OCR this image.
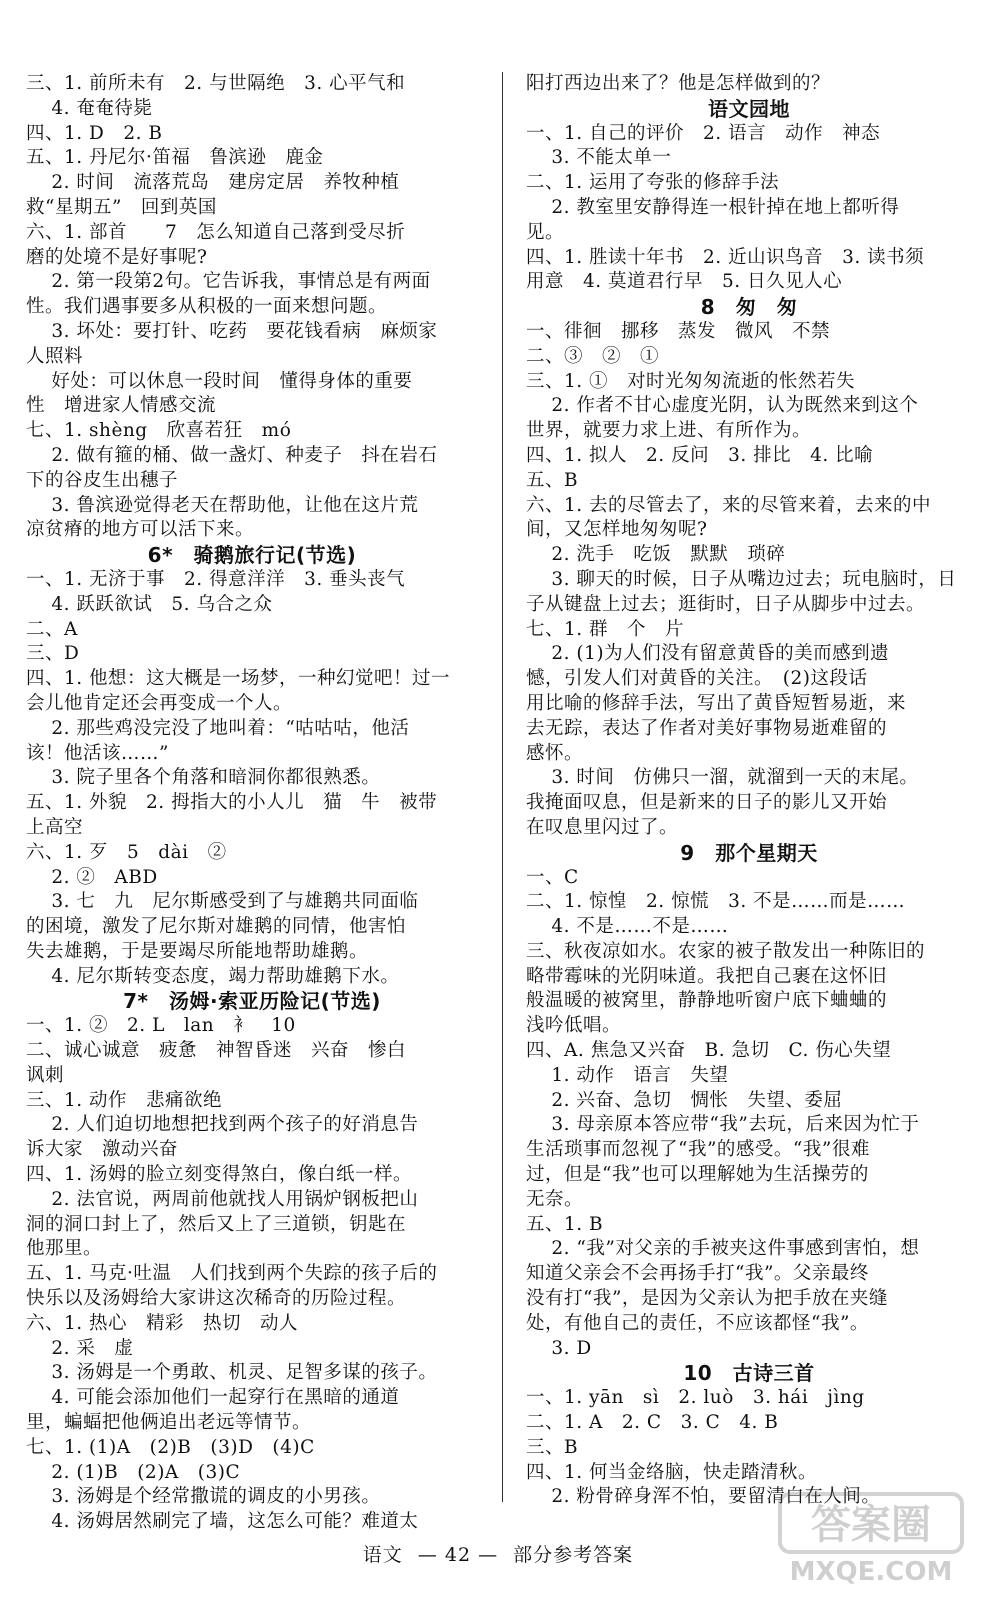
三、1. 前所未有　2. 与世隔绝　3. 心平气和
　 4. 奄奄待毙
四、1. D　2. B
五、1. 丹尼尔·笛福　鲁滨逊　鹿金
　 2. 时间　流落荒岛　建房定居　养牧种植
救“星期五”　回到英国
六、1. 部首　　7　怎么知道自己落到受尽折
磨的处境不是好事呢?
　 2. 第一段第2句。它告诉我，事情总是有两面
性。我们遇事要多从积极的一面来想问题。
　 3. 坏处：要打针、吃药　要花钱看病　麻烦家
人照料
　 好处：可以休息一段时间　懂得身体的重要
性　增进家人情感交流
七、1. shèng　欣喜若狂　mó
　 2. 做有箍的桶、做一盏灯、种麦子　抖在岩石
下的谷皮生出穗子
　 3. 鲁滨逊觉得老天在帮助他，让他在这片荒
凉贫瘠的地方可以活下来。
6*　骑鹅旅行记(节选)
一、1. 无济于事　2. 得意洋洋　3. 垂头丧气
　 4. 跃跃欲试　5. 乌合之众
二、A
三、D
四、1. 他想：这大概是一场梦，一种幻觉吧！过一
会儿他肯定还会再变成一个人。
　 2. 那些鸡没完没了地叫着：“咕咕咕，他活
该！他活该……”
　 3. 院子里各个角落和暗洞你都很熟悉。
五、1. 外貌　2. 拇指大的小人儿　猫　牛　被带
上高空
六、1. 歹　5　dài　②
　 2. ②　ABD
　 3. 七　九　尼尔斯感受到了与雄鹅共同面临
的困境，激发了尼尔斯对雄鹅的同情，他害怕
失去雄鹅，于是要竭尽所能地帮助雄鹅。
　 4. 尼尔斯转变态度，竭力帮助雄鹅下水。
7*　汤姆·索亚历险记(节选)
一、1. ②　2. L　lan　衤　10
二、诚心诚意　疲惫　神智昏迷　兴奋　惨白
讽刺
三、1. 动作　悲痛欲绝
　 2. 人们迫切地想把找到两个孩子的好消息告
诉大家　激动兴奋
四、1. 汤姆的脸立刻变得煞白，像白纸一样。
　 2. 法官说，两周前他就找人用锅炉钢板把山
洞的洞口封上了，然后又上了三道锁，钥匙在
他那里。
五、1. 马克·吐温　人们找到两个失踪的孩子后的
快乐以及汤姆给大家讲这次稀奇的历险过程。
六、1. 热心　精彩　热切　动人
　 2. 采　虚
　 3. 汤姆是一个勇敢、机灵、足智多谋的孩子。
　 4. 可能会添加他们一起穿行在黑暗的通道
里，蝙蝠把他俩追出老远等情节。
七、1. (1)A　(2)B　(3)D　(4)C
　 2. (1)B　(2)A　(3)C
　 3. 汤姆是个经常撒谎的调皮的小男孩。
　 4. 汤姆居然刷完了墙，这怎么可能？难道太
阳打西边出来了？他是怎样做到的？
语文园地
一、1. 自己的评价　2. 语言　动作　神态
　 3. 不能太单一
二、1. 运用了夸张的修辞手法
　 2. 教室里安静得连一根针掉在地上都听得
见。
四、1. 胜读十年书　2. 近山识鸟音　3. 读书须
用意　4. 莫道君行早　5. 日久见人心
8　匆　匆
一、徘徊　挪移　蒸发　微风　不禁
二、③　②　①
三、1. ①　对时光匆匆流逝的怅然若失
　 2. 作者不甘心虚度光阴，认为既然来到这个
世界，就要力求上进、有所作为。
四、1. 拟人　2. 反问　3. 排比　4. 比喻
五、B
六、1. 去的尽管去了，来的尽管来着，去来的中
间，又怎样地匆匆呢?
　 2. 洗手　吃饭　默默　琐碎
　 3. 聊天的时候，日子从嘴边过去；玩电脑时，日
子从键盘上过去；逛街时，日子从脚步中过去。
七、1. 群　个　片
　 2. (1)为人们没有留意黄昏的美而感到遗
憾，引发人们对黄昏的关注。　(2)这段话
用比喻的修辞手法，写出了黄昏短暂易逝，来
去无踪，表达了作者对美好事物易逝难留的
感怀。
　 3. 时间　仿佛只一溜，就溜到一天的末尾。
我掩面叹息，但是新来的日子的影儿又开始
在叹息里闪过了。
9　那个星期天
一、C
二、1. 惊惶　2. 惊慌　3. 不是……而是……
　 4. 不是……不是……
三、秋夜凉如水。农家的被子散发出一种陈旧的
略带霉味的光阴味道。我把自己裹在这怀旧
般温暖的被窝里，静静地听窗户底下蛐蛐的
浅吟低唱。
四、A. 焦急又兴奋　B. 急切　C. 伤心失望
　 1. 动作　语言　失望
　 2. 兴奋、急切　惆怅　失望、委屈
　 3. 母亲原本答应带“我”去玩，后来因为忙于
生活琐事而忽视了“我”的感受。“我”很难
过，但是“我”也可以理解她为生活操劳的
无奈。
五、1. B
　 2. “我”对父亲的手被夹这件事感到害怕，想
知道父亲会不会再扬手打“我”。父亲最终
没有打“我”，是因为父亲认为把手放在夹缝
处，有他自己的责任，不应该都怪“我”。
　 3. D
10　古诗三首
一、1. yān　sì　2. luò　3. hái　jìng
二、1. A　2. C　3. C　4. B
三、B
四、1. 何当金络脑，快走踏清秋。
　 2. 粉骨碎身浑不怕，要留清白在人间。
语文 — 42 — 部分参考答案
答案圈
MXQE.COM
